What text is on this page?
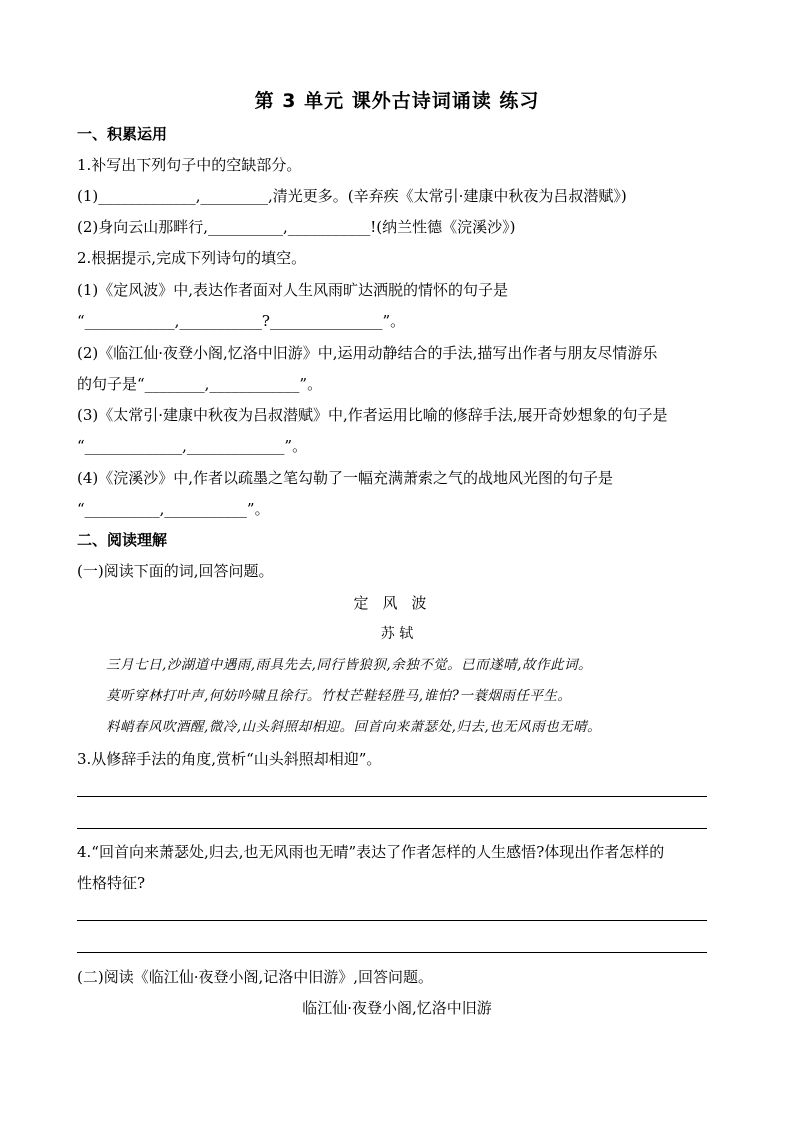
第 3 单元 课外古诗词诵读 练习
一、积累运用
1.补写出下列句子中的空缺部分。
(1)_____________,_________,清光更多。(辛弃疾《太常引·建康中秋夜为吕叔潜赋》)
(2)身向云山那畔行,__________,___________!(纳兰性德《浣溪沙》)
2.根据提示,完成下列诗句的填空。
(1)《定风波》中,表达作者面对人生风雨旷达洒脱的情怀的句子是
“____________,___________?_______________”。
(2)《临江仙·夜登小阁,忆洛中旧游》中,运用动静结合的手法,描写出作者与朋友尽情游乐
的句子是“________,____________”。
(3)《太常引·建康中秋夜为吕叔潜赋》中,作者运用比喻的修辞手法,展开奇妙想象的句子是
“_____________,_____________”。
(4)《浣溪沙》中,作者以疏墨之笔勾勒了一幅充满萧索之气的战地风光图的句子是
“__________,___________”。
二、阅读理解
(一)阅读下面的词,回答问题。
定风波
苏 轼
三月七日,沙湖道中遇雨,雨具先去,同行皆狼狈,余独不觉。已而遂晴,故作此词。
莫听穿林打叶声,何妨吟啸且徐行。竹杖芒鞋轻胜马,谁怕?一蓑烟雨任平生。
料峭春风吹酒醒,微冷,山头斜照却相迎。回首向来萧瑟处,归去,也无风雨也无晴。
3.从修辞手法的角度,赏析“山头斜照却相迎”。
4.“回首向来萧瑟处,归去,也无风雨也无晴”表达了作者怎样的人生感悟?体现出作者怎样的
性格特征?
(二)阅读《临江仙·夜登小阁,记洛中旧游》,回答问题。
临江仙·夜登小阁,忆洛中旧游
